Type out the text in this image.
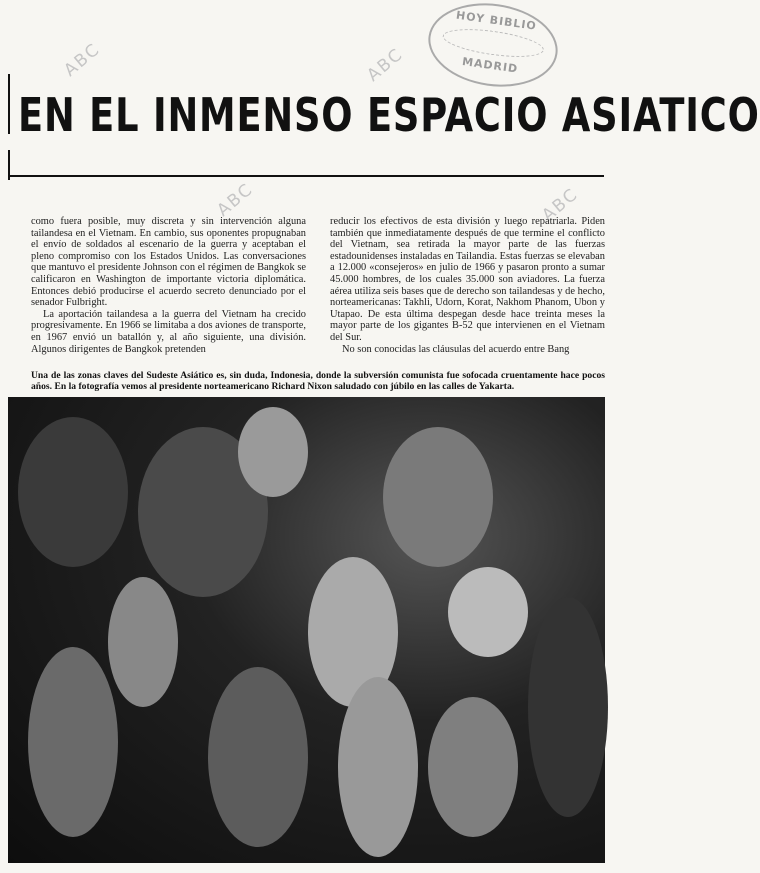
HOY BIBLIO
MADRID
ABC	ABC
ABC	ABC
EN EL INMENSO ESPACIO ASIATICO

como fuera posible, muy discreta y sin intervención alguna tailandesa en el Vietnam. En cambio, sus oponentes propugnaban el envío de soldados al escenario de la guerra y aceptaban el pleno compromiso con los Estados Unidos. Las conversaciones que mantuvo el presidente Johnson con el régimen de Bangkok se calificaron en Washington de importante victoria diplomática. Entonces debió producirse el acuerdo secreto denunciado por el senador Fulbright.

La aportación tailandesa a la guerra del Vietnam ha crecido progresivamente. En 1966 se limitaba a dos aviones de transporte, en 1967 envió un batallón y, al año siguiente, una división. Algunos dirigentes de Bangkok pretenden

reducir los efectivos de esta división y luego repatriarla. Piden también que inmediatamente después de que termine el conflicto del Vietnam, sea retirada la mayor parte de las fuerzas estadounidenses instaladas en Tailandia. Estas fuerzas se elevaban a 12.000 «consejeros» en julio de 1966 y pasaron pronto a sumar 45.000 hombres, de los cuales 35.000 son aviadores. La fuerza aérea utiliza seis bases que de derecho son tailandesas y de hecho, norteamericanas: Takhli, Udorn, Korat, Nakhom Phanom, Ubon y Utapao. De esta última despegan desde hace treinta meses la mayor parte de los gigantes B-52 que intervienen en el Vietnam del Sur.

No son conocidas las cláusulas del acuerdo entre Bang

Una de las zonas claves del Sudeste Asiático es, sin duda, Indonesia, donde la subversión comunista fue sofocada cruentamente hace pocos años. En la fotografía vemos al presidente norteamericano Richard Nixon saludado con júbilo en las calles de Yakarta.
